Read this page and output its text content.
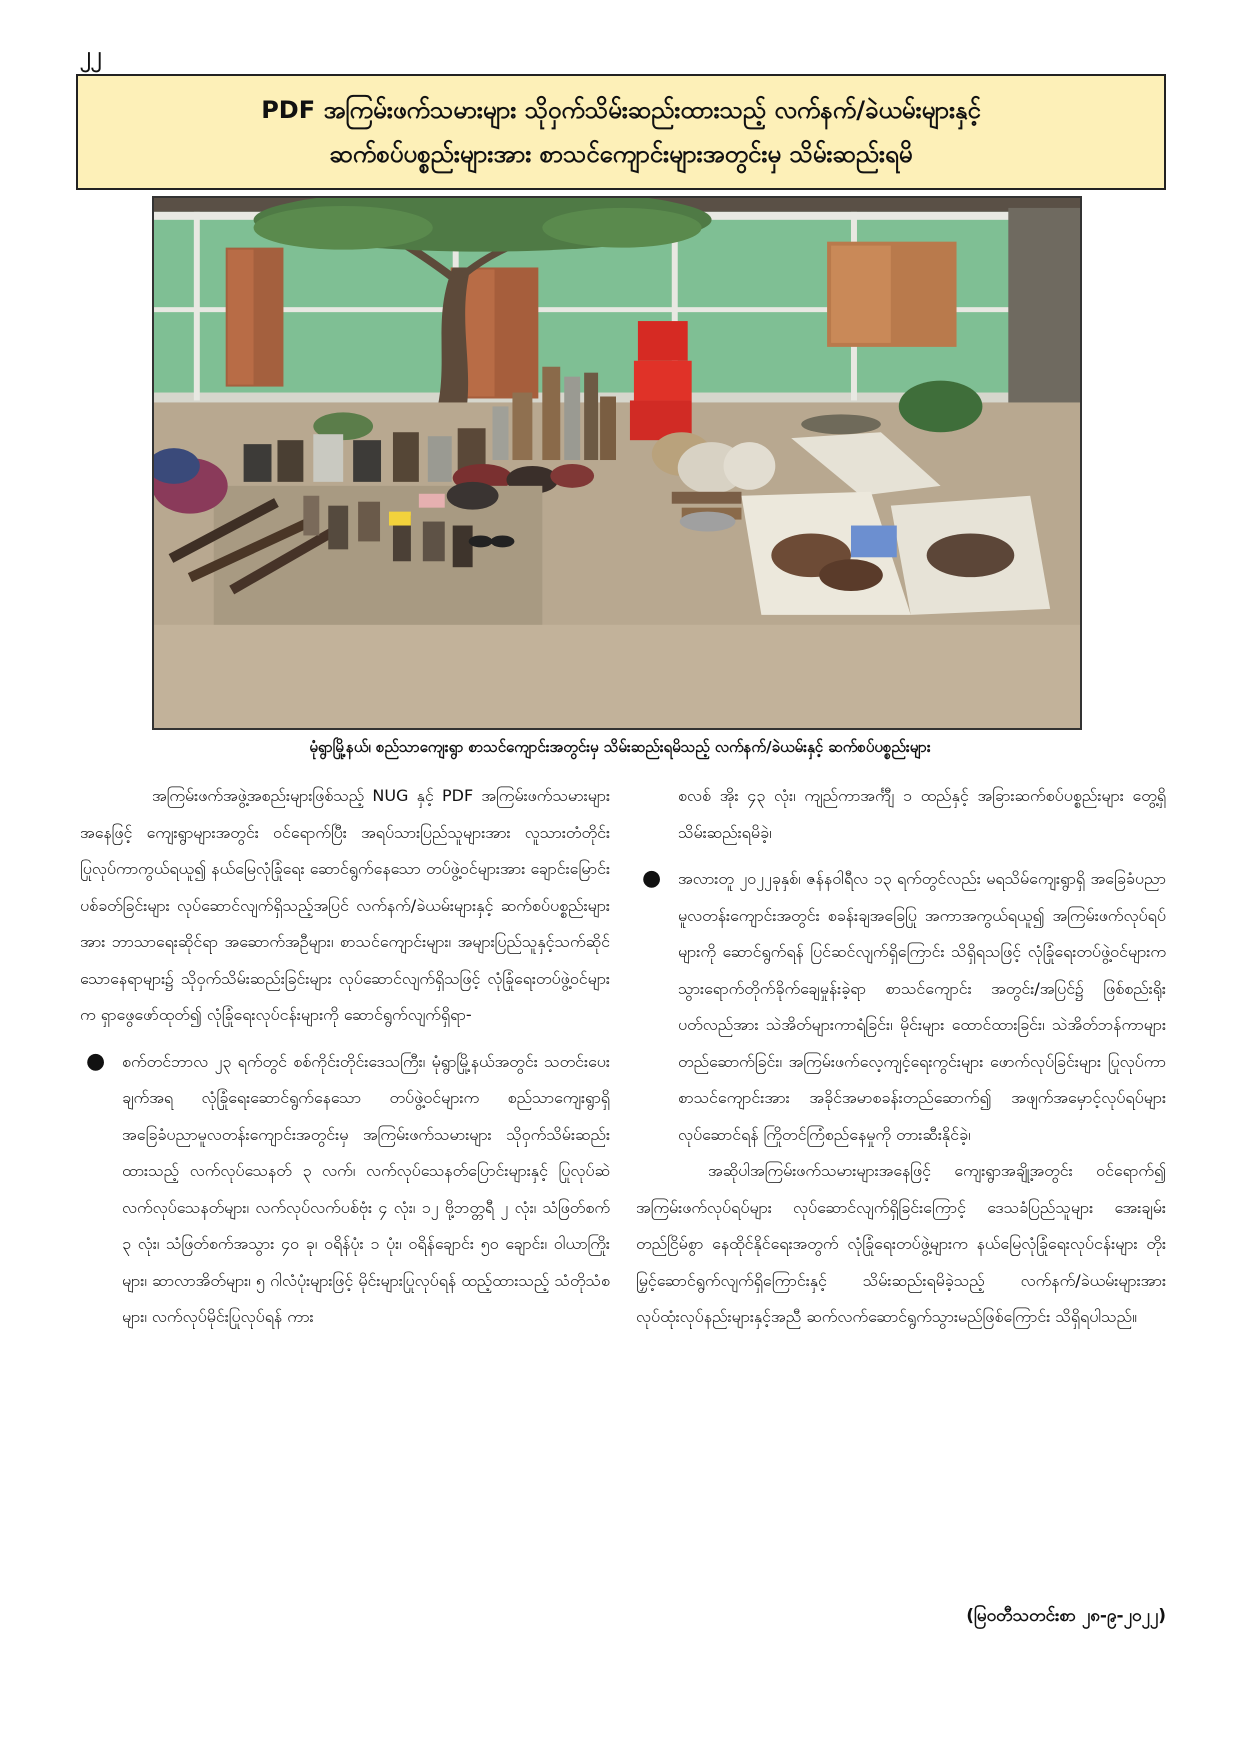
၂၂
PDF အကြမ်းဖက်သမားများ သိုဝှက်သိမ်းဆည်းထားသည့် လက်နက်/ခဲယမ်းများနှင့်
ဆက်စပ်ပစ္စည်းများအား စာသင်ကျောင်းများအတွင်းမှ သိမ်းဆည်းရမိ
မုံရွာမြို့နယ်၊ စည်သာကျေးရွာ စာသင်ကျောင်းအတွင်းမှ သိမ်းဆည်းရမိသည့် လက်နက်/ခဲယမ်းနှင့် ဆက်စပ်ပစ္စည်းများ

အကြမ်းဖက်အဖွဲ့အစည်းများဖြစ်သည့် NUG နှင့် PDF အကြမ်းဖက်သမားများအနေဖြင့် ကျေးရွာများအတွင်း ဝင်ရောက်ပြီး အရပ်သားပြည်သူများအား လူသားတံတိုင်း ပြုလုပ်ကာကွယ်ရယူ၍ နယ်မြေလုံခြုံရေး ဆောင်ရွက်နေသော တပ်ဖွဲ့ဝင်များအား ချောင်းမြောင်းပစ်ခတ်ခြင်းများ လုပ်ဆောင်လျက်ရှိသည့်အပြင် လက်နက်/ခဲယမ်းများနှင့် ဆက်စပ်ပစ္စည်းများအား ဘာသာရေးဆိုင်ရာ အဆောက်အဦများ၊ စာသင်ကျောင်းများ၊ အများပြည်သူနှင့်သက်ဆိုင်သောနေရာများ၌ သိုဝှက်သိမ်းဆည်းခြင်းများ လုပ်ဆောင်လျက်ရှိသဖြင့် လုံခြုံရေးတပ်ဖွဲ့ဝင်များက ရှာဖွေဖော်ထုတ်၍ လုံခြုံရေးလုပ်ငန်းများကို ဆောင်ရွက်လျက်ရှိရာ-

● စက်တင်ဘာလ ၂၃ ရက်တွင် စစ်ကိုင်းတိုင်းဒေသကြီး၊ မုံရွာမြို့နယ်အတွင်း သတင်းပေးချက်အရ လုံခြုံရေးဆောင်ရွက်နေသော တပ်ဖွဲ့ဝင်များက စည်သာကျေးရွာရှိ အခြေခံပညာမူလတန်းကျောင်းအတွင်းမှ အကြမ်းဖက်သမားများ သိုဝှက်သိမ်းဆည်းထားသည့် လက်လုပ်သေနတ် ၃ လက်၊ လက်လုပ်သေနတ်ပြောင်းများနှင့် ပြုလုပ်ဆဲလက်လုပ်သေနတ်များ၊ လက်လုပ်လက်ပစ်ဗုံး ၄ လုံး၊ ၁၂ ဗို့ဘတ္တရီ ၂ လုံး၊ သံဖြတ်စက် ၃ လုံး၊ သံဖြတ်စက်အသွား ၄၀ ခု၊ ဝရိန်ပုံး ၁ ပုံး၊ ဝရိန်ချောင်း ၅၀ ချောင်း၊ ဝါယာကြိုးများ၊ ဆာလာအိတ်များ၊ ၅ ဂါလံပုံးများဖြင့် မိုင်းများပြုလုပ်ရန် ထည့်ထားသည့် သံတိုသံစများ၊ လက်လုပ်မိုင်းပြုလုပ်ရန် ကား

စလစ် အိုး ၄၃ လုံး၊ ကျည်ကာအင်္ကျီ ၁ ထည်နှင့် အခြားဆက်စပ်ပစ္စည်းများ တွေ့ရှိသိမ်းဆည်းရမိခဲ့၊

● အလားတူ ၂၀၂၂ခုနှစ်၊ ဇန်နဝါရီလ ၁၃ ရက်တွင်လည်း မရသိမ်ကျေးရွာရှိ အခြေခံပညာမူလတန်းကျောင်းအတွင်း စခန်းချအခြေပြု အကာအကွယ်ရယူ၍ အကြမ်းဖက်လုပ်ရပ်များကို ဆောင်ရွက်ရန် ပြင်ဆင်လျက်ရှိကြောင်း သိရှိရသဖြင့် လုံခြုံရေးတပ်ဖွဲ့ဝင်များက သွားရောက်တိုက်ခိုက်ချေမှုန်းခဲ့ရာ စာသင်ကျောင်း အတွင်း/အပြင်၌ ဖြစ်စည်းရိုးပတ်လည်အား သဲအိတ်များကာရံခြင်း၊ မိုင်းများ ထောင်ထားခြင်း၊ သဲအိတ်ဘန်ကာများ တည်ဆောက်ခြင်း၊ အကြမ်းဖက်လေ့ကျင့်ရေးကွင်းများ ဖောက်လုပ်ခြင်းများ ပြုလုပ်ကာ စာသင်ကျောင်းအား အခိုင်အမာစခန်းတည်ဆောက်၍ အဖျက်အမှောင့်လုပ်ရပ်များ လုပ်ဆောင်ရန် ကြိုတင်ကြံစည်နေမှုကို တားဆီးနိုင်ခဲ့၊

အဆိုပါအကြမ်းဖက်သမားများအနေဖြင့် ကျေးရွာအချို့အတွင်း ဝင်ရောက်၍ အကြမ်းဖက်လုပ်ရပ်များ လုပ်ဆောင်လျက်ရှိခြင်းကြောင့် ဒေသခံပြည်သူများ အေးချမ်းတည်ငြိမ်စွာ နေထိုင်နိုင်ရေးအတွက် လုံခြုံရေးတပ်ဖွဲ့များက နယ်မြေလုံခြုံရေးလုပ်ငန်းများ တိုးမြှင့်ဆောင်ရွက်လျက်ရှိကြောင်းနှင့် သိမ်းဆည်းရမိခဲ့သည့် လက်နက်/ခဲယမ်းများအား လုပ်ထုံးလုပ်နည်းများနှင့်အညီ ဆက်လက်ဆောင်ရွက်သွားမည်ဖြစ်ကြောင်း သိရှိရပါသည်။

(မြဝတီသတင်းစာ ၂၈-၉-၂၀၂၂)
